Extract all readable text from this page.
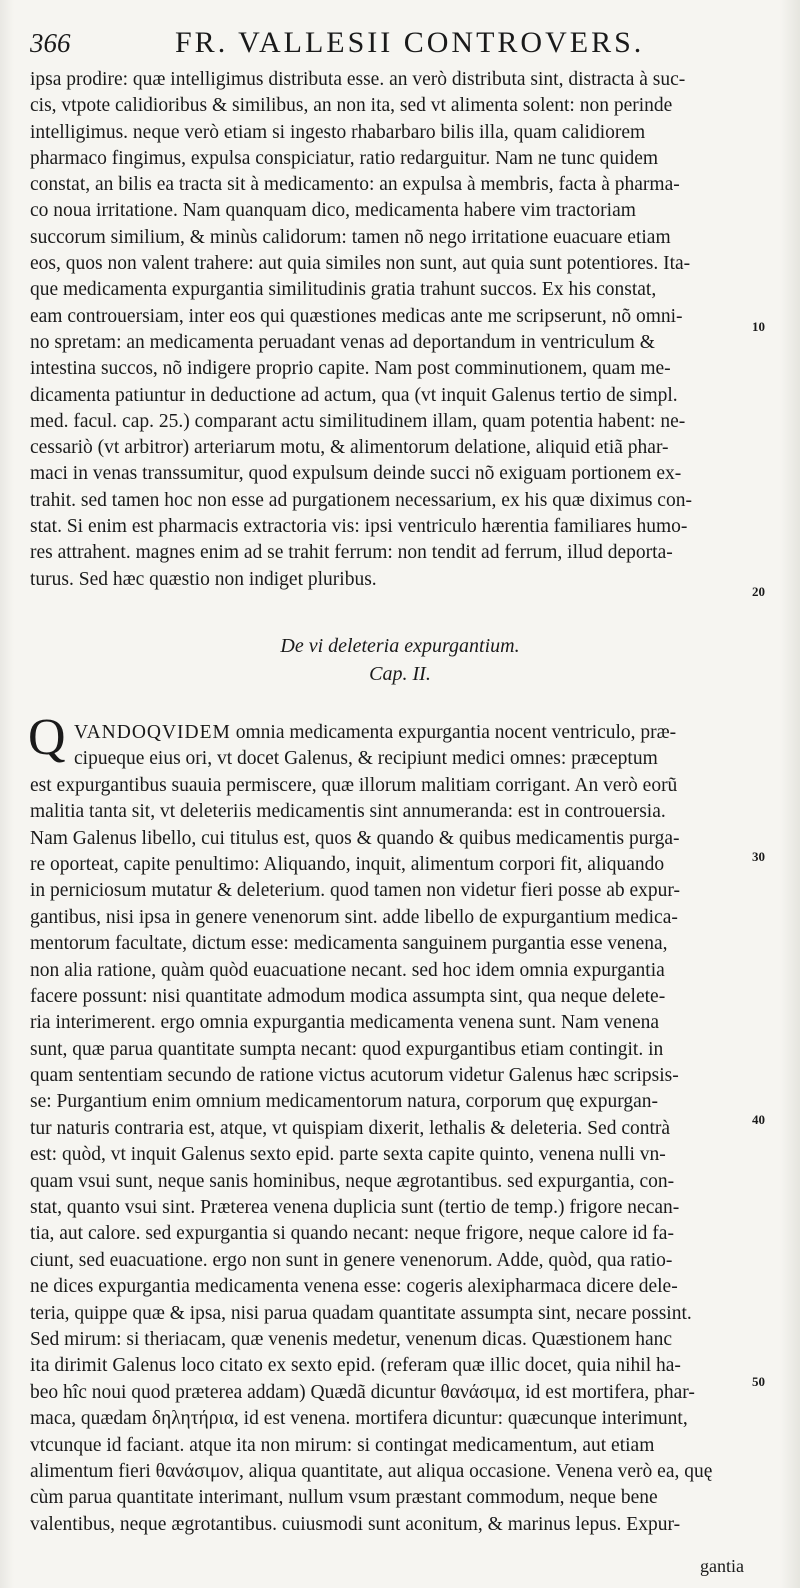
366	FR. VALLESII CONTROVERS.
ipsa prodire: quæ intelligimus distributa esse. an verò distributa sint, distracta à suc-
cis, vtpote calidioribus & similibus, an non ita, sed vt alimenta solent: non perinde
intelligimus. neque verò etiam si ingesto rhabarbaro bilis illa, quam calidiorem
pharmaco fingimus, expulsa conspiciatur, ratio redarguitur. Nam ne tunc quidem
constat, an bilis ea tracta sit à medicamento: an expulsa à membris, facta à pharma-
co noua irritatione. Nam quanquam dico, medicamenta habere vim tractoriam
succorum similium, & minùs calidorum: tamen nõ nego irritatione euacuare etiam
eos, quos non valent trahere: aut quia similes non sunt, aut quia sunt potentiores. Ita-
que medicamenta expurgantia similitudinis gratia trahunt succos. Ex his constat,
eam controuersiam, inter eos qui quæstiones medicas ante me scripserunt, nõ omni-
no spretam: an medicamenta peruadant venas ad deportandum in ventriculum &
intestina succos, nõ indigere proprio capite. Nam post comminutionem, quam me-
dicamenta patiuntur in deductione ad actum, qua (vt inquit Galenus tertio de simpl.
med. facul. cap. 25.) comparant actu similitudinem illam, quam potentia habent: ne-
cessariò (vt arbitror) arteriarum motu, & alimentorum delatione, aliquid etiã phar-
maci in venas transsumitur, quod expulsum deinde succi nõ exiguam portionem ex-
trahit. sed tamen hoc non esse ad purgationem necessarium, ex his quæ diximus con-
stat. Si enim est pharmacis extractoria vis: ipsi ventriculo hærentia familiares humo-
res attrahent. magnes enim ad se trahit ferrum: non tendit ad ferrum, illud deporta-
turus. Sed hæc quæstio non indiget pluribus.
De vi deleteria expurgantium.
Cap. II.
Q VANDOQVIDEM omnia medicamenta expurgantia nocent ventriculo, præ-
cipueque eius ori, vt docet Galenus, & recipiunt medici omnes: præceptum
est expurgantibus suauia permiscere, quæ illorum malitiam corrigant. An verò eorũ
malitia tanta sit, vt deleteriis medicamentis sint annumeranda: est in controuersia.
Nam Galenus libello, cui titulus est, quos & quando & quibus medicamentis purga-
re oporteat, capite penultimo: Aliquando, inquit, alimentum corpori fit, aliquando
in perniciosum mutatur & deleterium. quod tamen non videtur fieri posse ab expur-
gantibus, nisi ipsa in genere venenorum sint. adde libello de expurgantium medica-
mentorum facultate, dictum esse: medicamenta sanguinem purgantia esse venena,
non alia ratione, quàm quòd euacuatione necant. sed hoc idem omnia expurgantia
facere possunt: nisi quantitate admodum modica assumpta sint, qua neque delete-
ria interimerent. ergo omnia expurgantia medicamenta venena sunt. Nam venena
sunt, quæ parua quantitate sumpta necant: quod expurgantibus etiam contingit. in
quam sententiam secundo de ratione victus acutorum videtur Galenus hæc scripsis-
se: Purgantium enim omnium medicamentorum natura, corporum quę expurgan-
tur naturis contraria est, atque, vt quispiam dixerit, lethalis & deleteria. Sed contrà
est: quòd, vt inquit Galenus sexto epid. parte sexta capite quinto, venena nulli vn-
quam vsui sunt, neque sanis hominibus, neque ægrotantibus. sed expurgantia, con-
stat, quanto vsui sint. Præterea venena duplicia sunt (tertio de temp.) frigore necan-
tia, aut calore. sed expurgantia si quando necant: neque frigore, neque calore id fa-
ciunt, sed euacuatione. ergo non sunt in genere venenorum. Adde, quòd, qua ratio-
ne dices expurgantia medicamenta venena esse: cogeris alexipharmaca dicere dele-
teria, quippe quæ & ipsa, nisi parua quadam quantitate assumpta sint, necare possint.
Sed mirum: si theriacam, quæ venenis medetur, venenum dicas. Quæstionem hanc
ita dirimit Galenus loco citato ex sexto epid. (referam quæ illic docet, quia nihil ha-
beo hîc noui quod præterea addam) Quædã dicuntur θανάσιμα, id est mortifera, phar-
maca, quædam δηλητήρια, id est venena. mortifera dicuntur: quæcunque interimunt,
vtcunque id faciant. atque ita non mirum: si contingat medicamentum, aut etiam
alimentum fieri θανάσιμον, aliqua quantitate, aut aliqua occasione. Venena verò ea, quę
cùm parua quantitate interimant, nullum vsum præstant commodum, neque bene
valentibus, neque ægrotantibus. cuiusmodi sunt aconitum, & marinus lepus. Expur-
10
20
30
40
50
gantia
